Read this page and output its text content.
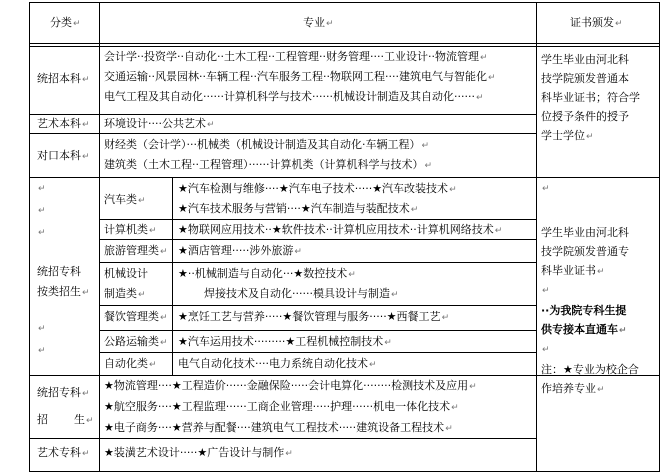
分类↵	专业↵	证书颁发↵
统招本科↵
会计学··投资学··自动化··土木工程··工程管理··财务管理····工业设计··物流管理↵
交通运输··风景园林··车辆工程··汽车服务工程··物联网工程····建筑电气与智能化↵
电气工程及其自动化······计算机科学与技术······机械设计制造及其自动化······↵
学生毕业由河北科
技学院颁发普通本
科毕业证书；符合学
位授予条件的授予
学士学位↵
艺术本科↵ 环境设计····公共艺术↵
对口本科↵
财经类（会计学）···机械类（机械设计制造及其自动化·车辆工程）↵
建筑类（土木工程··工程管理）······计算机类（计算机科学与技术）↵
↵
↵
↵
统招专科
按类招生↵
↵
↵
汽车类↵
★汽车检测与维修····★汽车电子技术·····★汽车改装技术↵
★汽车技术服务与营销····★汽车制造与装配技术↵
计算机类↵ ★物联网应用技术··★软件技术··计算机应用技术··计算机网络技术↵
旅游管理类↵ ★酒店管理·····涉外旅游↵
机械设计
制造类↵
★··机械制造与自动化···★数控技术↵
焊接技术及自动化······模具设计与制造↵
餐饮管理类↵ ★烹饪工艺与营养·····★餐饮管理与服务·····★西餐工艺↵
公路运输类↵ ★汽车运用技术·········★工程机械控制技术↵
自动化类↵ 电气自动化技术····电力系统自动化技术↵
↵
学生毕业由河北科
技学院颁发普通专
科毕业证书↵
↵
··为我院专科生提
供专接本直通车↵
↵
注：★专业为校企合
作培养专业↵
统招专科↵
招 生↵
★物流管理····★工程造价······金融保险·····会计电算化········检测技术及应用↵
★航空服务····★工程监理······工商企业管理·····护理······机电一体化技术↵
★电子商务····★营养与配餐····建筑电气工程技术·····建筑设备工程技术↵
艺术专科↵ ★装潢艺术设计·····★广告设计与制作↵
